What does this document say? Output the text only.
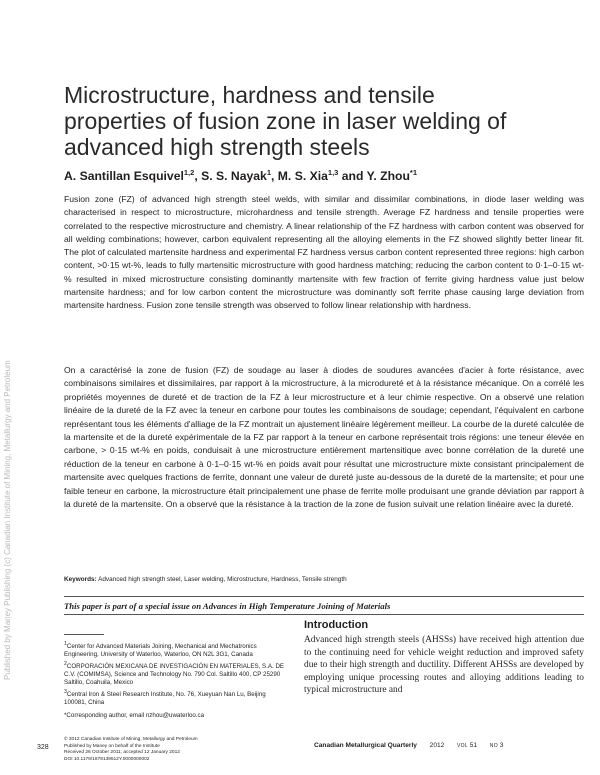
Published by Maney Publishing (c) Canadian Institute of Mining, Metallurgy and Petroleum
Microstructure, hardness and tensile
properties of fusion zone in laser welding of
advanced high strength steels
A. Santillan Esquivel$^{1,2}$, S. S. Nayak$^1$, M. S. Xia$^{1,3}$ and Y. Zhou$^{*1}$

Fusion zone (FZ) of advanced high strength steel welds, with similar and dissimilar combinations, in diode laser welding was characterised in respect to microstructure, microhardness and tensile strength. Average FZ hardness and tensile properties were correlated to the respective microstructure and chemistry. A linear relationship of the FZ hardness with carbon content was observed for all welding combinations; however, carbon equivalent representing all the alloying elements in the FZ showed slightly better linear fit. The plot of calculated martensite hardness and experimental FZ hardness versus carbon content represented three regions: high carbon content, >0·15 wt-%, leads to fully martensitic microstructure with good hardness matching; reducing the carbon content to 0·1–0·15 wt-% resulted in mixed microstructure consisting dominantly martensite with few fraction of ferrite giving hardness value just below martensite hardness; and for low carbon content the microstructure was dominantly soft ferrite phase causing large deviation from martensite hardness. Fusion zone tensile strength was observed to follow linear relationship with hardness.

On a caractérisé la zone de fusion (FZ) de soudage au laser à diodes de soudures avancées d'acier à forte résistance, avec combinaisons similaires et dissimilaires, par rapport à la microstructure, à la microdureté et à la résistance mécanique. On a corrélé les propriétés moyennes de dureté et de traction de la FZ à leur microstructure et à leur chimie respective. On a observé une relation linéaire de la dureté de la FZ avec la teneur en carbone pour toutes les combinaisons de soudage; cependant, l'équivalent en carbone représentant tous les éléments d'alliage de la FZ montrait un ajustement linéaire légèrement meilleur. La courbe de la dureté calculée de la martensite et de la dureté expérimentale de la FZ par rapport à la teneur en carbone représentait trois régions: une teneur élevée en carbone, > 0·15 wt-% en poids, conduisait à une microstructure entièrement martensitique avec bonne corrélation de la dureté une réduction de la teneur en carbone à 0·1–0·15 wt-% en poids avait pour résultat une microstructure mixte consistant principalement de martensite avec quelques fractions de ferrite, donnant une valeur de dureté juste au-dessous de la dureté de la martensite; et pour une faible teneur en carbone, la microstructure était principalement une phase de ferrite molle produisant une grande déviation par rapport à la dureté de la martensite. On a observé que la résistance à la traction de la zone de fusion suivait une relation linéaire avec la dureté.

Keywords: Advanced high strength steel, Laser welding, Microstructure, Hardness, Tensile strength
This paper is part of a special issue on Advances in High Temperature Joining of Materials

$^1$Center for Advanced Materials Joining, Mechanical and Mechatronics Engineering, University of Waterloo, Waterloo, ON N2L 3G1, Canada

$^2$CORPORACIÓN MEXICANA DE INVESTIGACIÓN EN MATERIALES, S.A. DE C.V. (COMIMSA), Science and Technology No. 790 Col. Saltillo 400, CP 25290 Saltillo, Coahuila, Mexico

$^3$Central Iron & Steel Research Institute, No. 76, Xueyuan Nan Lu, Beijing 100081, China

*Corresponding author, email nzhou@uwaterloo.ca

Introduction

Advanced high strength steels (AHSSs) have received high attention due to the continuing need for vehicle weight reduction and improved safety due to their high strength and ductility. Different AHSSs are developed by employing unique processing routes and alloying additions leading to typical microstructure and

© 2012 Canadian Institute of Mining, Metallurgy and Petroleum

Published by Maney on behalf of the Institute

Received 26 October 2011; accepted 12 January 2012

DOI 10.1179/1879139512Y.0000000002

328	Canadian Metallurgical Quarterly 2012	VOL 51	NO 3
